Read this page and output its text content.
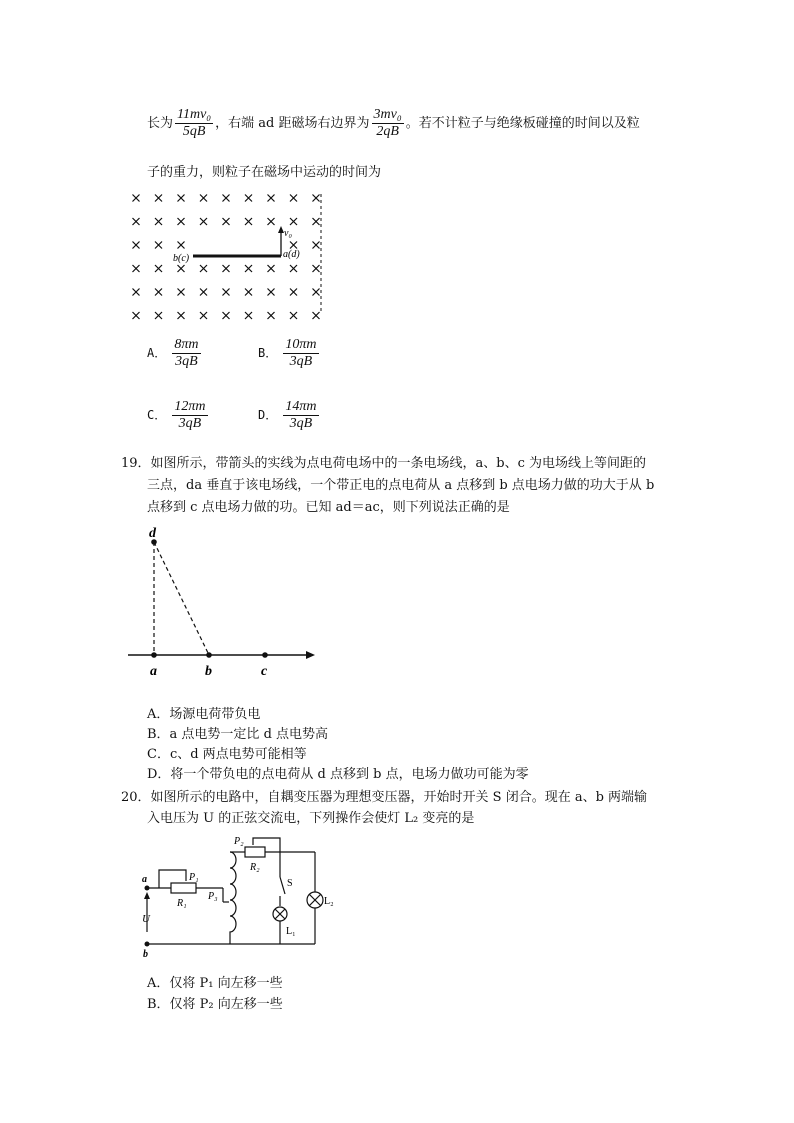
长为 $\frac{\text{11mv₀}}{5qB}$ ，右端 ad 距磁场右边界为 $\frac{\text{3mv₀}}{2qB}$ 。若不计粒子与绝缘板碰撞的时间以及粒
子的重力，则粒子在磁场中运动的时间为
v₀
b(c)	a(d)
A． $\frac{8\pi m}{3qB}$	B． $\frac{10\pi m}{3qB}$
C． $\frac{12\pi m}{3qB}$	D． $\frac{14\pi m}{3qB}$
19．如图所示，带箭头的实线为点电荷电场中的一条电场线，a、b、c 为电场线上等间距的
三点，da 垂直于该电场线，一个带正电的点电荷从 a 点移到 b 点电场力做的功大于从 b
点移到 c 点电场力做的功。已知 ad＝ac，则下列说法正确的是
d
a	b	c
A．场源电荷带负电
B．a 点电势一定比 d 点电势高
C．c、d 两点电势可能相等
D．将一个带负电的点电荷从 d 点移到 b 点，电场力做功可能为零
20．如图所示的电路中，自耦变压器为理想变压器，开始时开关 S 闭合。现在 a、b 两端输
入电压为 U 的正弦交流电，下列操作会使灯 L₂ 变亮的是
a
b
U
P₁
R₁
P₃
P₂
R₂
S
L₁
L₂
A．仅将 P₁ 向左移一些
B．仅将 P₂ 向左移一些
